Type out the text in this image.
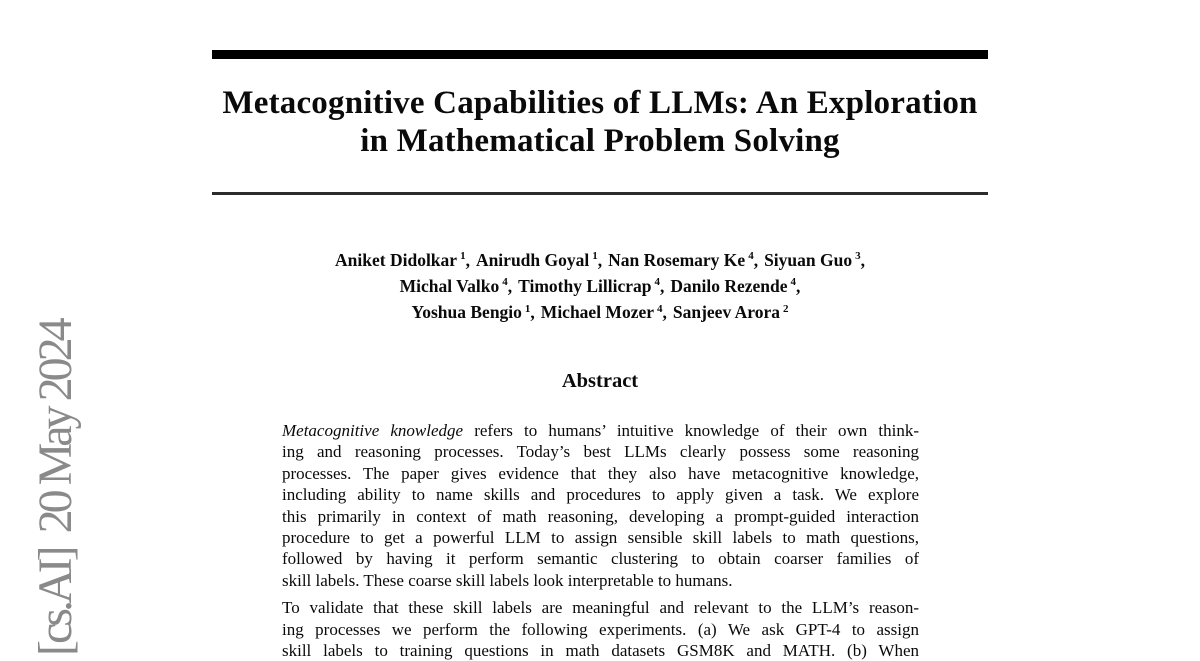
Metacognitive Capabilities of LLMs: An Exploration
in Mathematical Problem Solving
Aniket Didolkar $^1$, Anirudh Goyal $^1$, Nan Rosemary Ke $^4$, Siyuan Guo $^3$,
Michal Valko $^4$, Timothy Lillicrap $^4$, Danilo Rezende $^4$,
Yoshua Bengio $^1$, Michael Mozer $^4$, Sanjeev Arora $^2$
Abstract
Metacognitive knowledge refers to humans’ intuitive knowledge of their own think-
ing and reasoning processes. Today’s best LLMs clearly possess some reasoning
processes. The paper gives evidence that they also have metacognitive knowledge,
including ability to name skills and procedures to apply given a task. We explore
this primarily in context of math reasoning, developing a prompt-guided interaction
procedure to get a powerful LLM to assign sensible skill labels to math questions,
followed by having it perform semantic clustering to obtain coarser families of
skill labels. These coarse skill labels look interpretable to humans.
To validate that these skill labels are meaningful and relevant to the LLM’s reason-
ing processes we perform the following experiments. (a) We ask GPT-4 to assign
skill labels to training questions in math datasets GSM8K and MATH. (b) When
[cs.AI]  20 May 2024
